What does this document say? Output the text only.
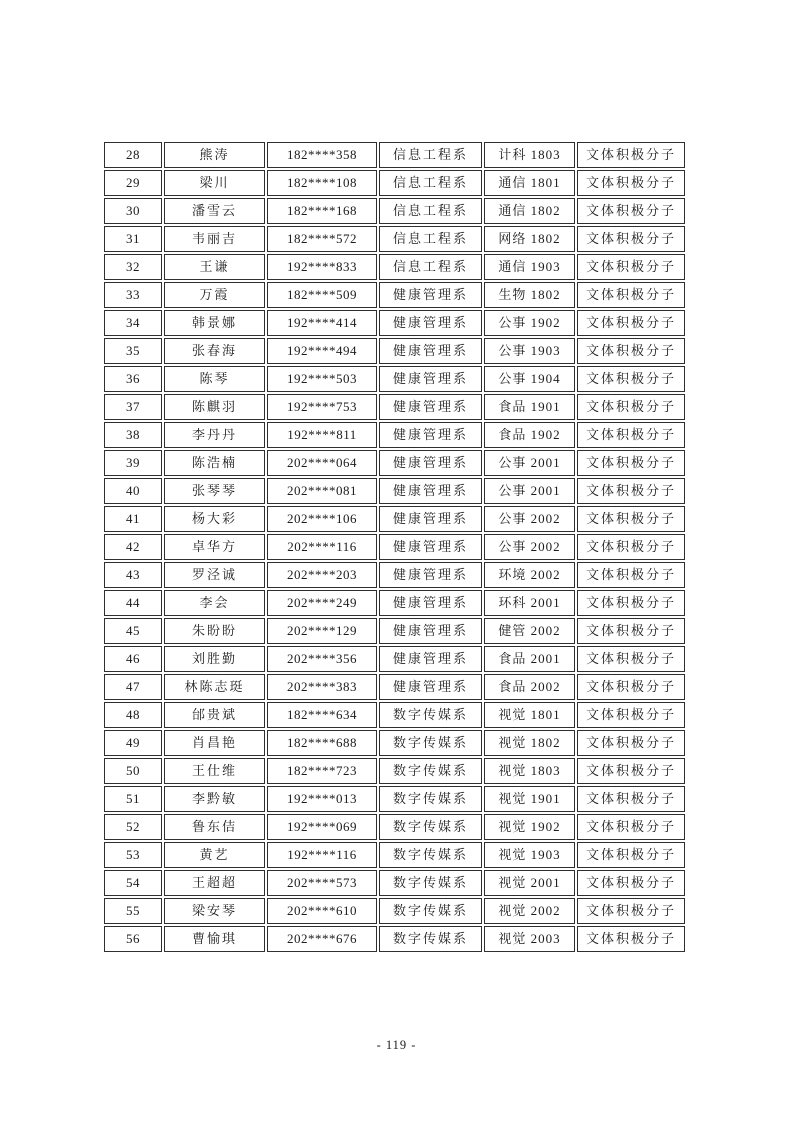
28	熊涛	182****358	信息工程系	计科 1803	文体积极分子
29	梁川	182****108	信息工程系	通信 1801	文体积极分子
30	潘雪云	182****168	信息工程系	通信 1802	文体积极分子
31	韦丽吉	182****572	信息工程系	网络 1802	文体积极分子
32	王谦	192****833	信息工程系	通信 1903	文体积极分子
33	万霞	182****509	健康管理系	生物 1802	文体积极分子
34	韩景娜	192****414	健康管理系	公事 1902	文体积极分子
35	张春海	192****494	健康管理系	公事 1903	文体积极分子
36	陈琴	192****503	健康管理系	公事 1904	文体积极分子
37	陈麒羽	192****753	健康管理系	食品 1901	文体积极分子
38	李丹丹	192****811	健康管理系	食品 1902	文体积极分子
39	陈浩楠	202****064	健康管理系	公事 2001	文体积极分子
40	张琴琴	202****081	健康管理系	公事 2001	文体积极分子
41	杨大彩	202****106	健康管理系	公事 2002	文体积极分子
42	卓华方	202****116	健康管理系	公事 2002	文体积极分子
43	罗泾诚	202****203	健康管理系	环境 2002	文体积极分子
44	李会	202****249	健康管理系	环科 2001	文体积极分子
45	朱盼盼	202****129	健康管理系	健管 2002	文体积极分子
46	刘胜勤	202****356	健康管理系	食品 2001	文体积极分子
47	林陈志珽	202****383	健康管理系	食品 2002	文体积极分子
48	邰贵斌	182****634	数字传媒系	视觉 1801	文体积极分子
49	肖昌艳	182****688	数字传媒系	视觉 1802	文体积极分子
50	王仕维	182****723	数字传媒系	视觉 1803	文体积极分子
51	李黔敏	192****013	数字传媒系	视觉 1901	文体积极分子
52	鲁东佶	192****069	数字传媒系	视觉 1902	文体积极分子
53	黄艺	192****116	数字传媒系	视觉 1903	文体积极分子
54	王超超	202****573	数字传媒系	视觉 2001	文体积极分子
55	梁安琴	202****610	数字传媒系	视觉 2002	文体积极分子
56	曹愉琪	202****676	数字传媒系	视觉 2003	文体积极分子
- 119 -
